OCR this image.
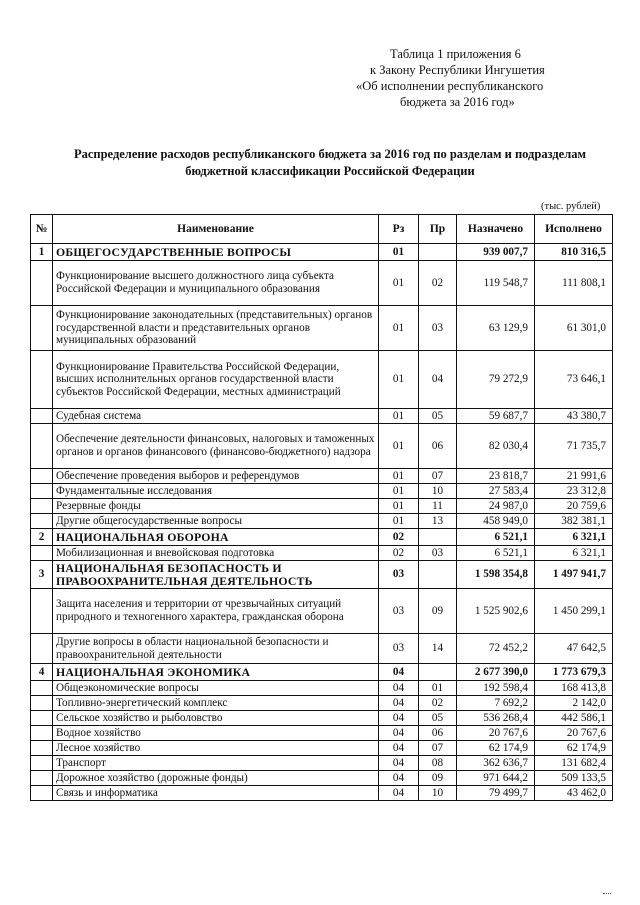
Таблица 1 приложения 6
к Закону Республики Ингушетия
«Об исполнении республиканского
бюджета за 2016 год»
Распределение расходов республиканского бюджета за 2016 год по разделам и подразделам бюджетной классификации Российской Федерации
(тыс. рублей)
№	Наименование	Рз	Пр	Назначено	Исполнено
1	ОБЩЕГОСУДАРСТВЕННЫЕ ВОПРОСЫ	01		939 007,7	810 316,5
	Функционирование высшего должностного лица субъекта Российской Федерации и муниципального образования	01	02	119 548,7	111 808,1
	Функционирование законодательных (представительных) органов государственной власти и представительных органов муниципальных образований	01	03	63 129,9	61 301,0
	Функционирование Правительства Российской Федерации, высших исполнительных органов государственной власти субъектов Российской Федерации, местных администраций	01	04	79 272,9	73 646,1
	Судебная система	01	05	59 687,7	43 380,7
	Обеспечение деятельности финансовых, налоговых и таможенных органов и органов финансового (финансово-бюджетного) надзора	01	06	82 030,4	71 735,7
	Обеспечение проведения выборов и референдумов	01	07	23 818,7	21 991,6
	Фундаментальные исследования	01	10	27 583,4	23 312,8
	Резервные фонды	01	11	24 987,0	20 759,6
	Другие общегосударственные вопросы	01	13	458 949,0	382 381,1
2	НАЦИОНАЛЬНАЯ ОБОРОНА	02		6 521,1	6 321,1
	Мобилизационная и вневойсковая подготовка	02	03	6 521,1	6 321,1
3	НАЦИОНАЛЬНАЯ БЕЗОПАСНОСТЬ И ПРАВООХРАНИТЕЛЬНАЯ ДЕЯТЕЛЬНОСТЬ	03		1 598 354,8	1 497 941,7
	Защита населения и территории от чрезвычайных ситуаций природного и техногенного характера, гражданская оборона	03	09	1 525 902,6	1 450 299,1
	Другие вопросы в области национальной безопасности и правоохранительной деятельности	03	14	72 452,2	47 642,5
4	НАЦИОНАЛЬНАЯ ЭКОНОМИКА	04		2 677 390,0	1 773 679,3
	Общеэкономические вопросы	04	01	192 598,4	168 413,8
	Топливно-энергетический комплекс	04	02	7 692,2	2 142,0
	Сельское хозяйство и рыболовство	04	05	536 268,4	442 586,1
	Водное хозяйство	04	06	20 767,6	20 767,6
	Лесное хозяйство	04	07	62 174,9	62 174,9
	Транспорт	04	08	362 636,7	131 682,4
	Дорожное хозяйство (дорожные фонды)	04	09	971 644,2	509 133,5
	Связь и информатика	04	10	79 499,7	43 462,0
